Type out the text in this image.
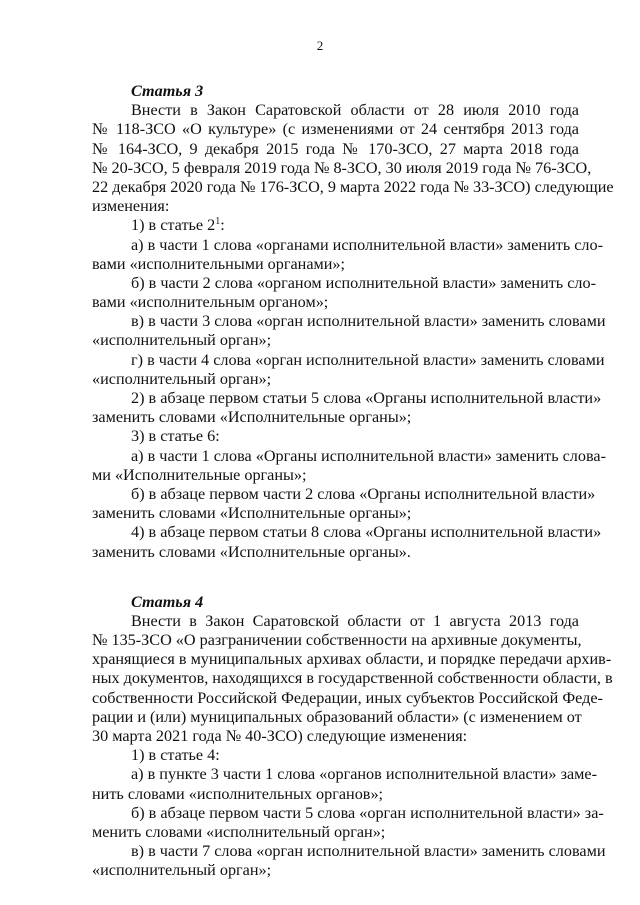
2
Статья 3
Внести в Закон Саратовской области от 28 июля 2010 года
№ 118-ЗСО «О культуре» (с изменениями от 24 сентября 2013 года
№ 164-ЗСО, 9 декабря 2015 года № 170-ЗСО, 27 марта 2018 года
№ 20-ЗСО, 5 февраля 2019 года № 8-ЗСО, 30 июля 2019 года № 76-ЗСО,
22 декабря 2020 года № 176-ЗСО, 9 марта 2022 года № 33-ЗСО) следующие
изменения:
1) в статье $2^1$:
а) в части 1 слова «органами исполнительной власти» заменить сло-
вами «исполнительными органами»;
б) в части 2 слова «органом исполнительной власти» заменить сло-
вами «исполнительным органом»;
в) в части 3 слова «орган исполнительной власти» заменить словами
«исполнительный орган»;
г) в части 4 слова «орган исполнительной власти» заменить словами
«исполнительный орган»;
2) в абзаце первом статьи 5 слова «Органы исполнительной власти»
заменить словами «Исполнительные органы»;
3) в статье 6:
а) в части 1 слова «Органы исполнительной власти» заменить слова-
ми «Исполнительные органы»;
б) в абзаце первом части 2 слова «Органы исполнительной власти»
заменить словами «Исполнительные органы»;
4) в абзаце первом статьи 8 слова «Органы исполнительной власти»
заменить словами «Исполнительные органы».
Статья 4
Внести в Закон Саратовской области от 1 августа 2013 года
№ 135-ЗСО «О разграничении собственности на архивные документы,
хранящиеся в муниципальных архивах области, и порядке передачи архив-
ных документов, находящихся в государственной собственности области, в
собственности Российской Федерации, иных субъектов Российской Феде-
рации и (или) муниципальных образований области» (с изменением от
30 марта 2021 года № 40-ЗСО) следующие изменения:
1) в статье 4:
а) в пункте 3 части 1 слова «органов исполнительной власти» заме-
нить словами «исполнительных органов»;
б) в абзаце первом части 5 слова «орган исполнительной власти» за-
менить словами «исполнительный орган»;
в) в части 7 слова «орган исполнительной власти» заменить словами
«исполнительный орган»;
